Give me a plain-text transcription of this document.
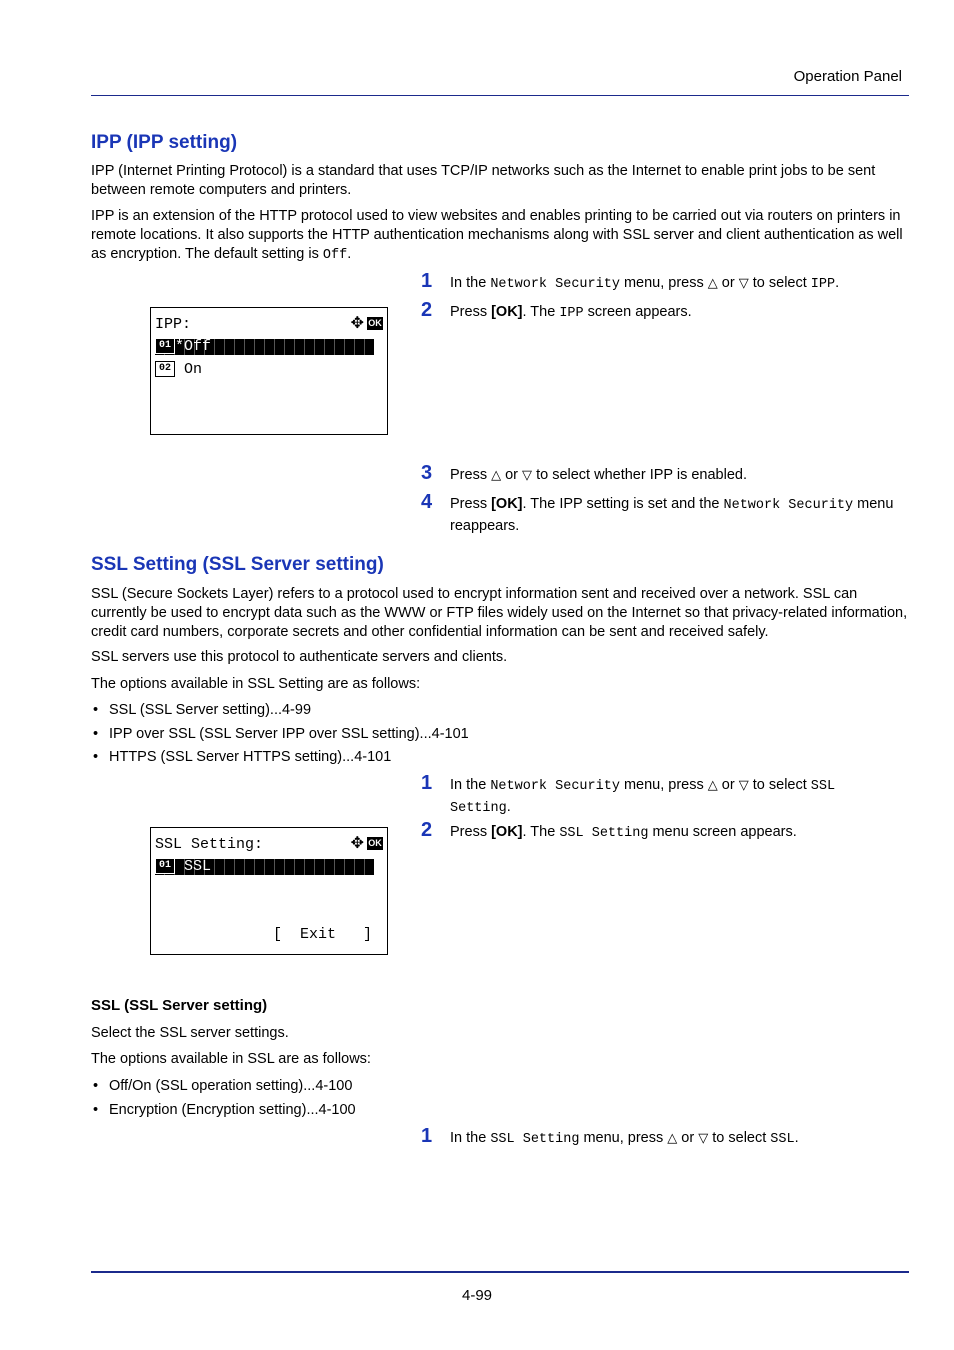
Operation Panel
IPP (IPP setting)

IPP (Internet Printing Protocol) is a standard that uses TCP/IP networks such as the Internet to enable print jobs to be sent between remote computers and printers.

IPP is an extension of the HTTP protocol used to view websites and enables printing to be carried out via routers on printers in remote locations. It also supports the HTTP authentication mechanisms along with SSL server and client authentication as well as encryption. The default setting is Off.

IPP:	✥ OK
01 *Off
02 On
1 In the Network Security menu, press △ or ▽ to select IPP.
2 Press [OK]. The IPP screen appears.
3 Press △ or ▽ to select whether IPP is enabled.
4 Press [OK]. The IPP setting is set and the Network Security menu reappears.
SSL Setting (SSL Server setting)

SSL (Secure Sockets Layer) refers to a protocol used to encrypt information sent and received over a network. SSL can currently be used to encrypt data such as the WWW or FTP files widely used on the Internet so that privacy-related information, credit card numbers, corporate secrets and other confidential information can be sent and received safely.

SSL servers use this protocol to authenticate servers and clients.

The options available in SSL Setting are as follows:

• SSL (SSL Server setting)...4-99
• IPP over SSL (SSL Server IPP over SSL setting)...4-101
• HTTPS (SSL Server HTTPS setting)...4-101
SSL Setting:	✥ OK
01 SSL
[  Exit   ]
1 In the Network Security menu, press △ or ▽ to select SSL Setting.
2 Press [OK]. The SSL Setting menu screen appears.
SSL (SSL Server setting)

Select the SSL server settings.

The options available in SSL are as follows:

• Off/On (SSL operation setting)...4-100
• Encryption (Encryption setting)...4-100
1 In the SSL Setting menu, press △ or ▽ to select SSL.
4-99
